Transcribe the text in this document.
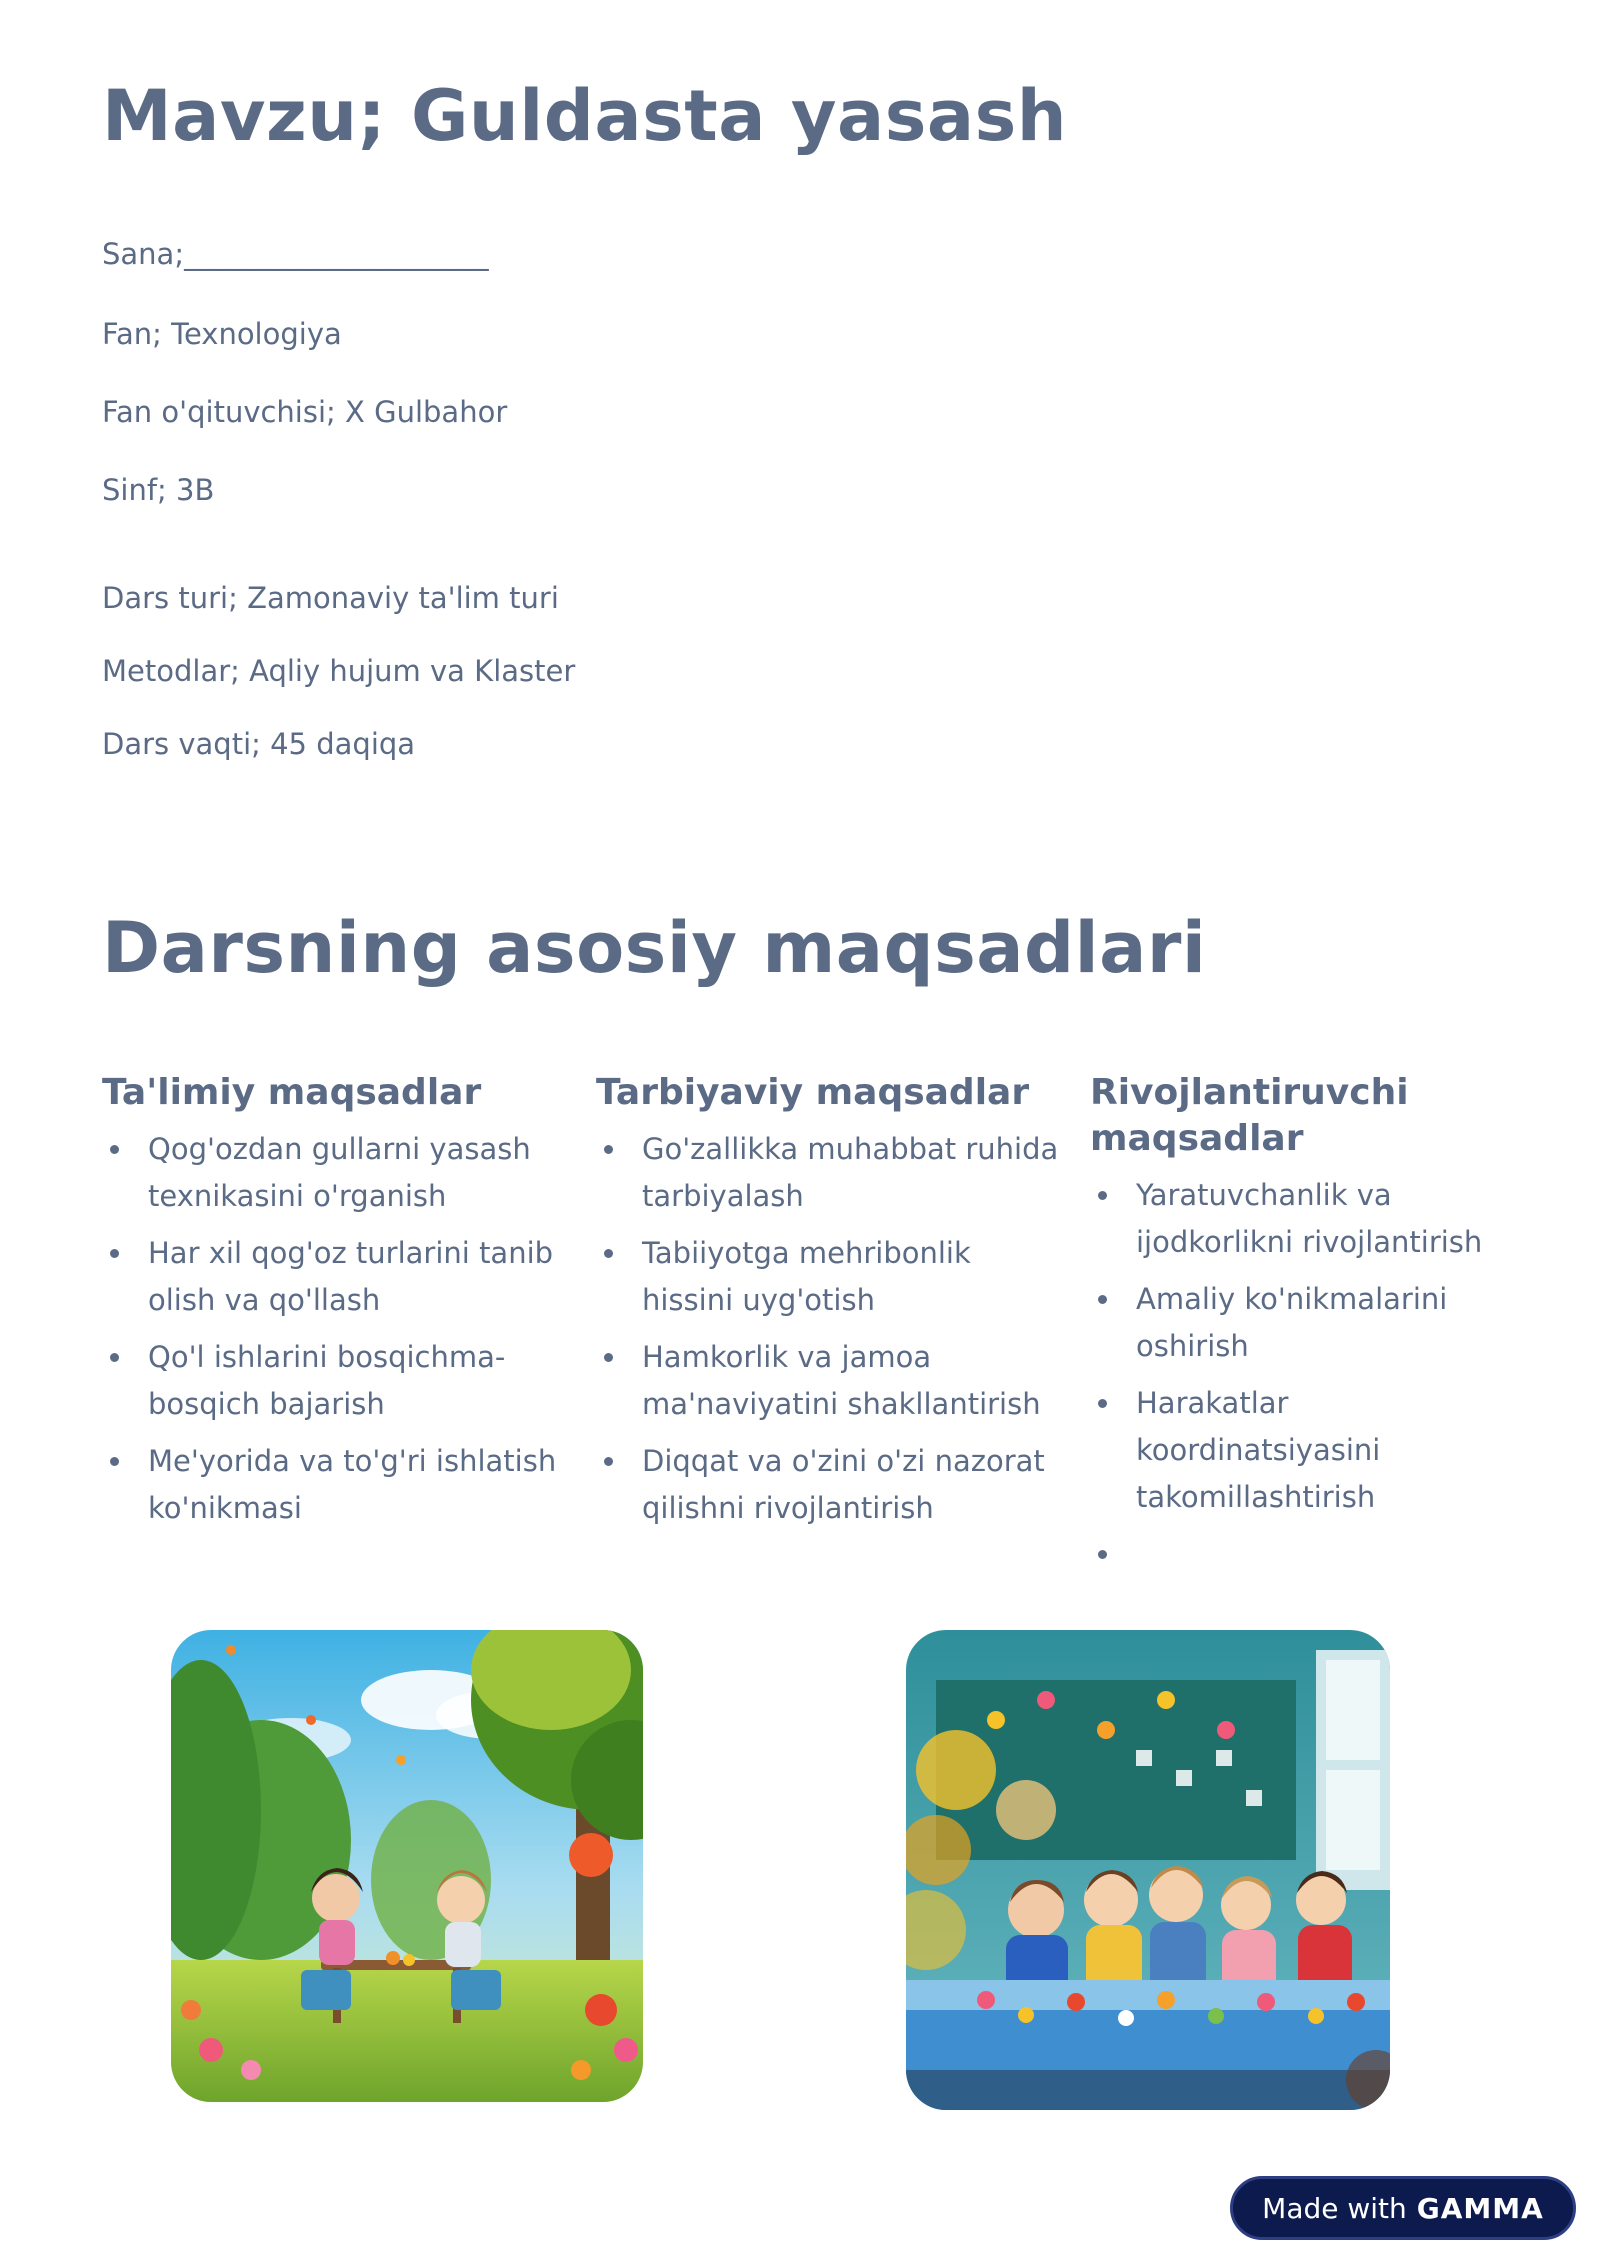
Mavzu; Guldasta yasash

Sana;_____________________

Fan; Texnologiya

Fan o'qituvchisi; X Gulbahor

Sinf; 3B

Dars turi; Zamonaviy ta'lim turi

Metodlar; Aqliy hujum va Klaster

Dars vaqti; 45 daqiqa

Darsning asosiy maqsadlari
Ta'limiy maqsadlar
Qog'ozdan gullarni yasash texnikasini o'rganish
Har xil qog'oz turlarini tanib olish va qo'llash
Qo'l ishlarini bosqichma-bosqich bajarish
Me'yorida va to'g'ri ishlatish ko'nikmasi
Tarbiyaviy maqsadlar
Go'zallikka muhabbat ruhida tarbiyalash
Tabiiyotga mehribonlik hissini uyg'otish
Hamkorlik va jamoa ma'naviyatini shakllantirish
Diqqat va o'zini o'zi nazorat qilishni rivojlantirish
Rivojlantiruvchi maqsadlar
Yaratuvchanlik va ijodkorlikni rivojlantirish
Amaliy ko'nikmalarini oshirish
Harakatlar koordinatsiyasini takomillashtirish
Made with GAMMA
